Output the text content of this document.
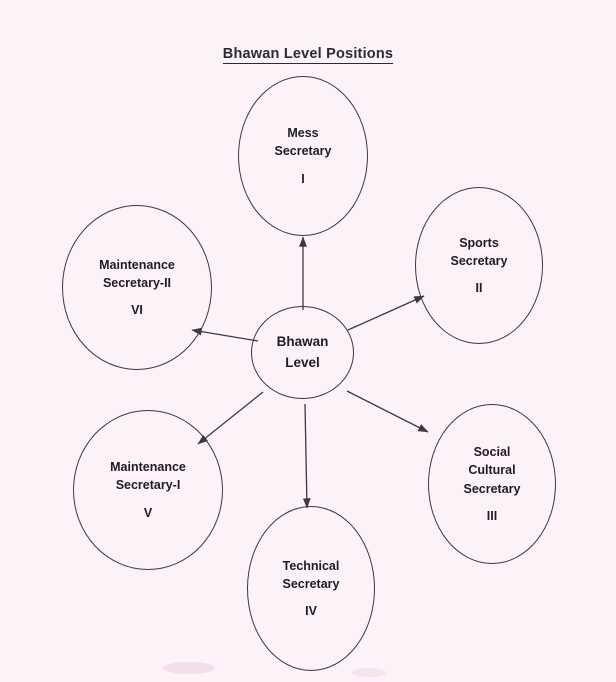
Bhawan Level Positions
Bhawan
Level
Mess
Secretary
I
Sports
Secretary
II
Social
Cultural
Secretary
III
Technical
Secretary
IV
Maintenance
Secretary-I
V
Maintenance
Secretary-II
VI
